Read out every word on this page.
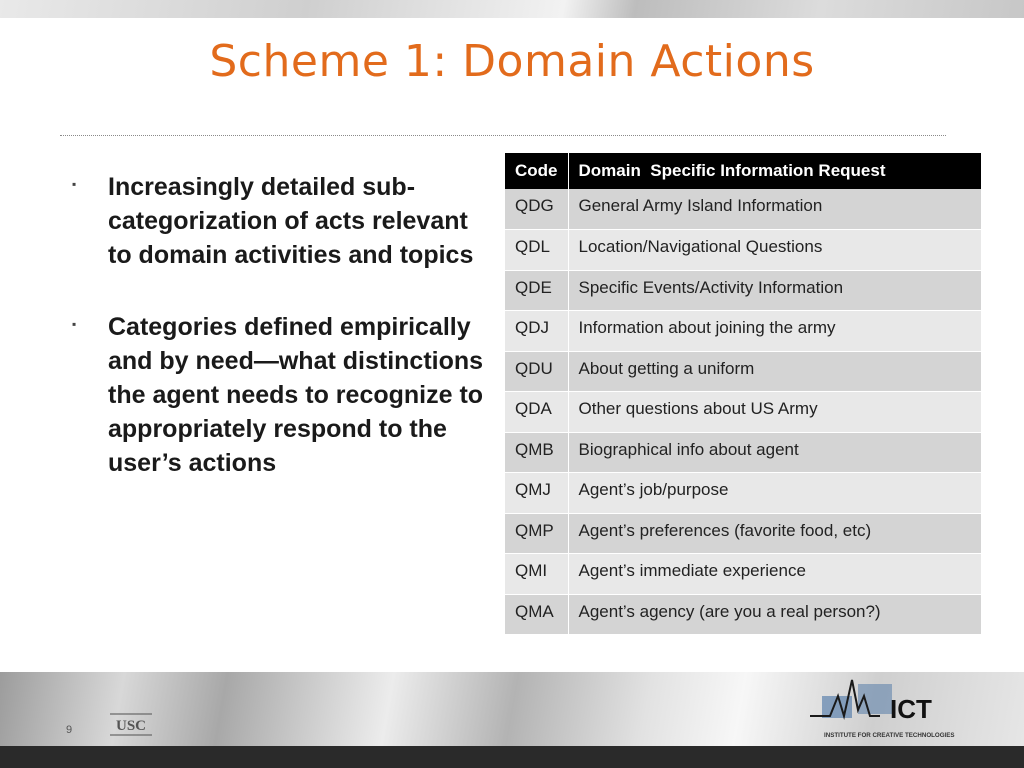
Scheme 1: Domain Actions
▪	Increasingly detailed sub-categorization of acts relevant to domain activities and topics
▪	Categories defined empirically and by need—what distinctions the agent needs to recognize to appropriately respond to the user’s actions
Code	Domain  Specific Information Request
QDG	General Army Island Information
QDL	Location/Navigational Questions
QDE	Specific Events/Activity Information
QDJ	Information about joining the army
QDU	About getting a uniform
QDA	Other questions about US Army
QMB	Biographical info about agent
QMJ	Agent’s job/purpose
QMP	Agent’s preferences (favorite food, etc)
QMI	Agent’s immediate experience
QMA	Agent’s agency (are you a real person?)
9	USC
ICT
INSTITUTE FOR CREATIVE TECHNOLOGIES
